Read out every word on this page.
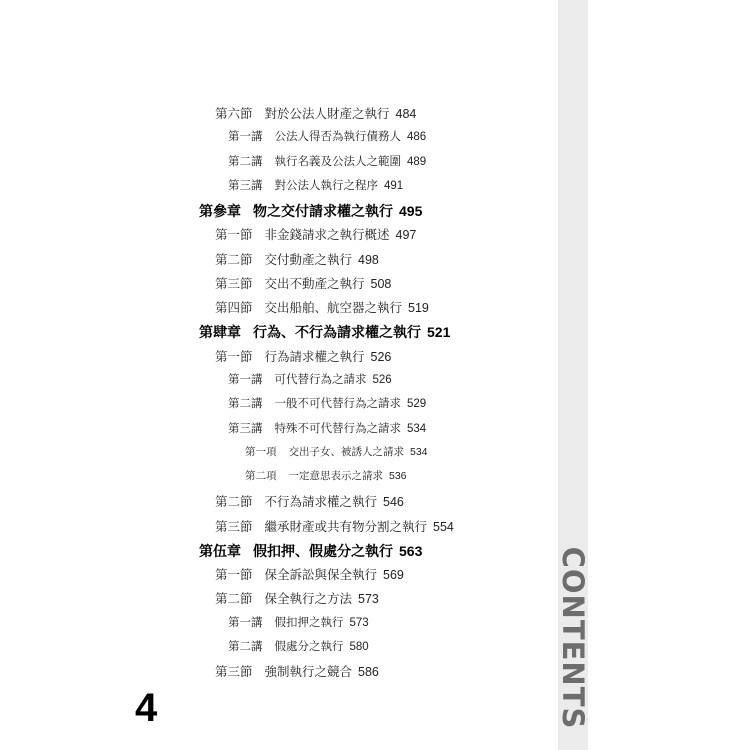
CONTENTS
第六節 對於公法人財產之執行 484
第一講 公法人得否為執行債務人 486
第二講 執行名義及公法人之範圍 489
第三講 對公法人執行之程序 491
第參章 物之交付請求權之執行 495
第一節 非金錢請求之執行概述 497
第二節 交付動產之執行 498
第三節 交出不動產之執行 508
第四節 交出船舶、航空器之執行 519
第肆章 行為、不行為請求權之執行 521
第一節 行為請求權之執行 526
第一講 可代替行為之請求 526
第二講 一般不可代替行為之請求 529
第三講 特殊不可代替行為之請求 534
第一項 交出子女、被誘人之請求 534
第二項 一定意思表示之請求 536
第二節 不行為請求權之執行 546
第三節 繼承財產或共有物分割之執行 554
第伍章 假扣押、假處分之執行 563
第一節 保全訴訟與保全執行 569
第二節 保全執行之方法 573
第一講 假扣押之執行 573
第二講 假處分之執行 580
第三節 強制執行之競合 586
4
